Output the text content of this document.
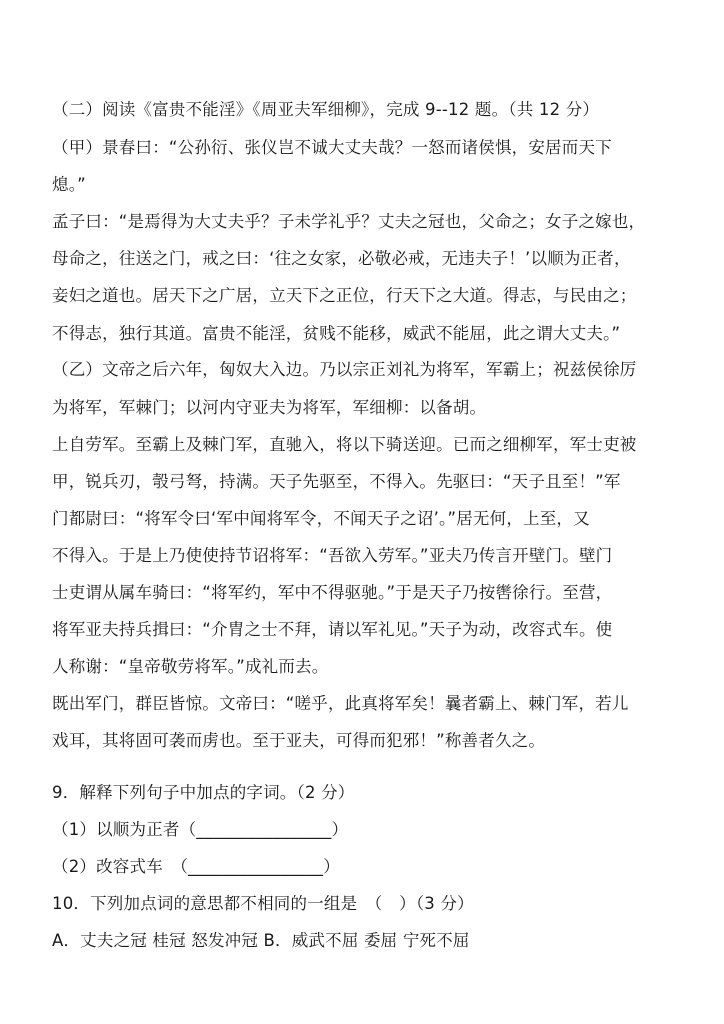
（二）阅读《富贵不能淫》《周亚夫军细柳》，完成 9--12 题。（共 12 分）
（甲）景春曰：“公孙衍、张仪岂不诚大丈夫哉？一怒而诸侯惧，安居而天下
熄。”
孟子曰：“是焉得为大丈夫乎？子未学礼乎？丈夫之冠也，父命之；女子之嫁也，
母命之，往送之门，戒之曰：‘往之女家，必敬必戒，无违夫子！’以顺为正者，
妾妇之道也。居天下之广居，立天下之正位，行天下之大道。得志，与民由之；
不得志，独行其道。富贵不能淫，贫贱不能移，威武不能屈，此之谓大丈夫。”
（乙）文帝之后六年，匈奴大入边。乃以宗正刘礼为将军，军霸上；祝兹侯徐厉
为将军，军棘门；以河内守亚夫为将军，军细柳：以备胡。
上自劳军。至霸上及棘门军，直驰入，将以下骑送迎。已而之细柳军，军士吏被
甲，锐兵刃，彀弓弩，持满。天子先驱至，不得入。先驱曰：“天子且至！”军
门都尉曰：“将军令曰‘军中闻将军令，不闻天子之诏’。”居无何，上至，又
不得入。于是上乃使使持节诏将军：“吾欲入劳军。”亚夫乃传言开壁门。壁门
士吏谓从属车骑曰：“将军约，军中不得驱驰。”于是天子乃按辔徐行。至营，
将军亚夫持兵揖曰：“介胄之士不拜，请以军礼见。”天子为动，改容式车。使
人称谢：“皇帝敬劳将军。”成礼而去。
既出军门，群臣皆惊。文帝曰：“嗟乎，此真将军矣！曩者霸上、棘门军，若儿
戏耳，其将固可袭而虏也。至于亚夫，可得而犯邪！”称善者久之。
9．解释下列句子中加点的字词。（2 分）
（1）以顺为正者（________________）
（2）改容式车　（________________）
10．下列加点词的意思都不相同的一组是　（　）（3 分）
A．丈夫之冠 桂冠 怒发冲冠 B．威武不屈 委屈 宁死不屈
